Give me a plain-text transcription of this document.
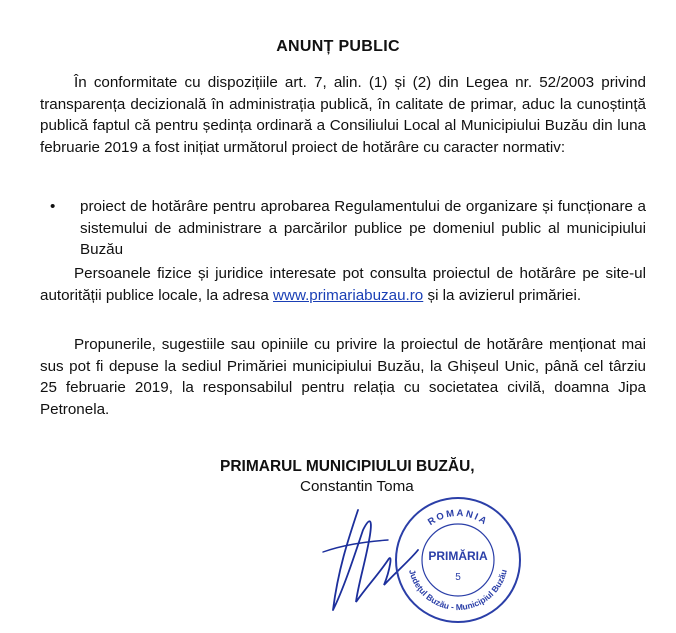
ANUNȚ PUBLIC

În conformitate cu dispozițiile art. 7, alin. (1) și (2) din Legea nr. 52/2003 privind transparența decizională în administrația publică, în calitate de primar, aduc la cunoștință publică faptul că pentru ședința ordinară a Consiliului Local al Municipiului Buzău din luna februarie 2019 a fost inițiat următorul proiect de hotărâre cu caracter normativ:

• proiect de hotărâre pentru aprobarea Regulamentului de organizare și funcționare a sistemului de administrare a parcărilor publice pe domeniul public al municipiului Buzău

Persoanele fizice și juridice interesate pot consulta proiectul de hotărâre pe site-ul autorității publice locale, la adresa www.primariabuzau.ro și la avizierul primăriei.

Propunerile, sugestiile sau opiniile cu privire la proiectul de hotărâre menționat mai sus pot fi depuse la sediul Primăriei municipiului Buzău, la Ghișeul Unic, până cel târziu 25 februarie 2019, la responsabilul pentru relația cu societatea civilă, doamna Jipa Petronela.

PRIMARUL MUNICIPIULUI BUZĂU,
Constantin Toma
ROMANIA
Județul Buzău - Municipiul Buzău
PRIMĂRIA
5
